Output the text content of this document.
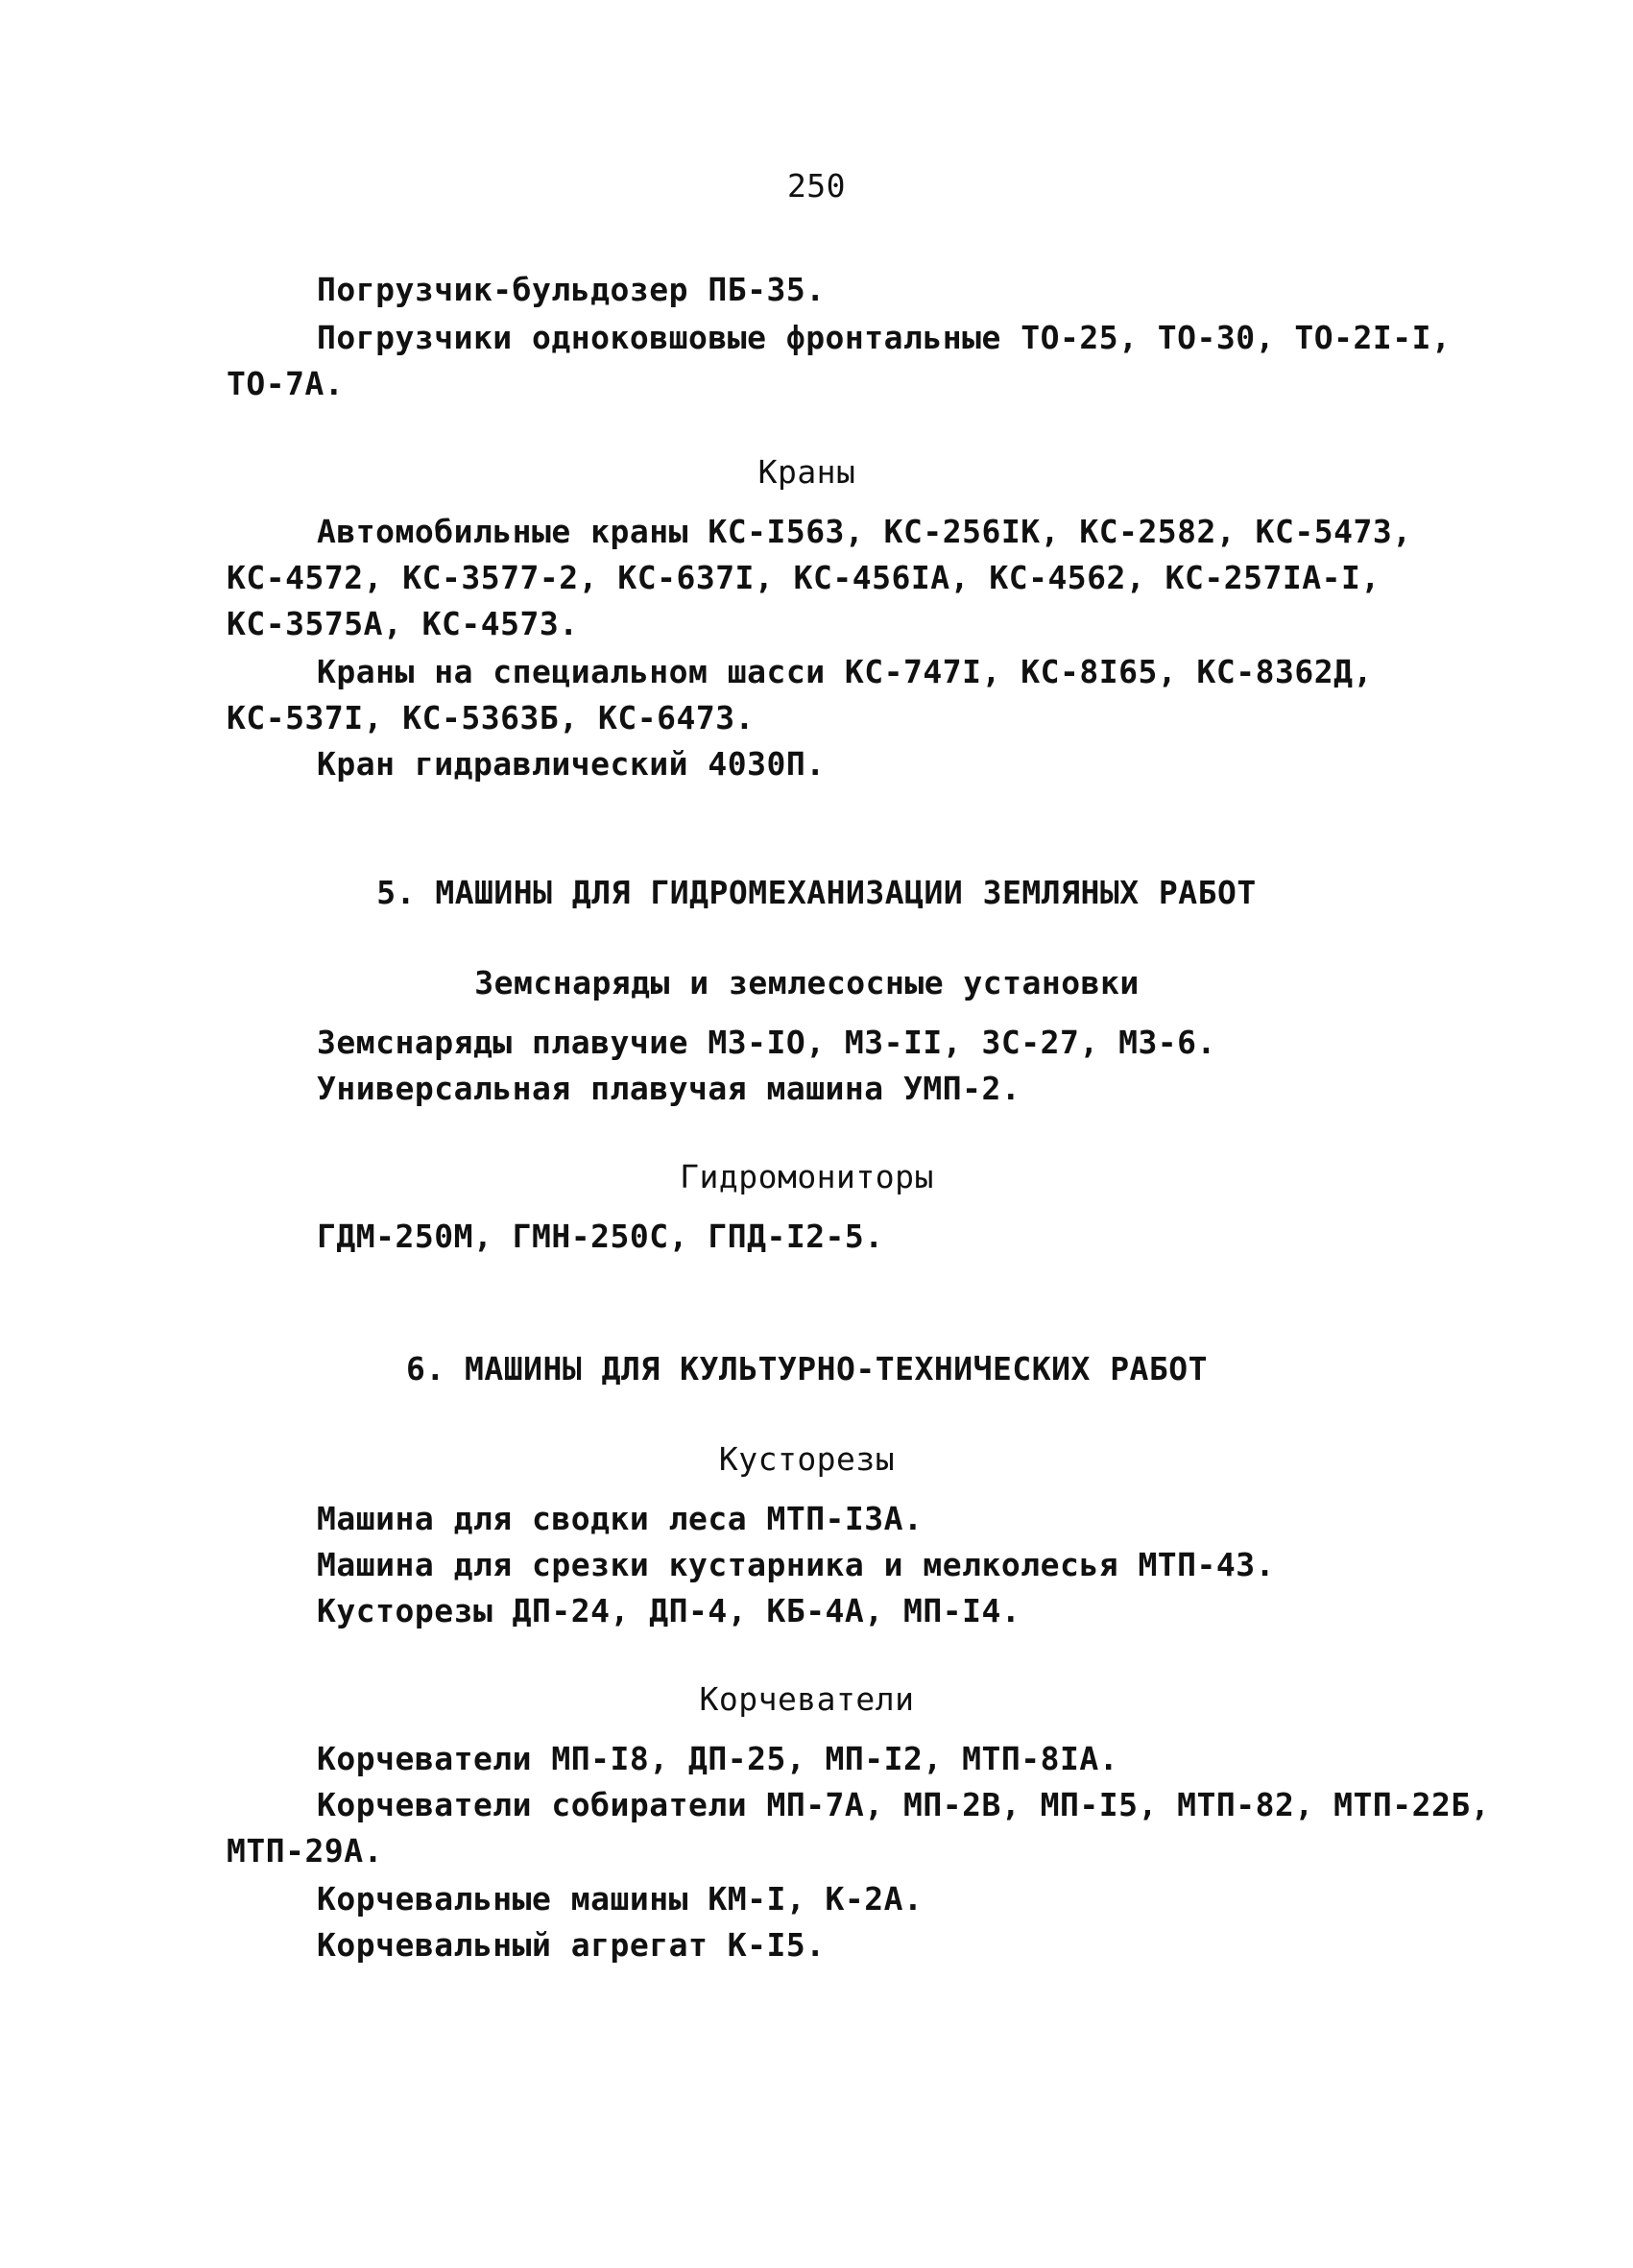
250
Погрузчик-бульдозер ПБ-35.
Погрузчики одноковшовые фронтальные ТО-25, ТО-30, ТО-2I-I,
ТО-7А.
Краны
Автомобильные краны КС-I563, КС-256IК, КС-2582, КС-5473,
КС-4572, КС-3577-2, КС-637I, КС-456IА, КС-4562, КС-257IА-I,
КС-3575А, КС-4573.
Краны на специальном шасси КС-747I, КС-8I65, КС-8362Д,
КС-537I, КС-5363Б, КС-6473.
Кран гидравлический 4030П.
5. МАШИНЫ ДЛЯ ГИДРОМЕХАНИЗАЦИИ ЗЕМЛЯНЫХ РАБОТ
Земснаряды и землесосные установки
Земснаряды плавучие МЗ-IО, МЗ-II, ЗС-27, МЗ-6.
Универсальная плавучая машина УМП-2.
Гидромониторы
ГДМ-250М, ГМН-250С, ГПД-I2-5.
6. МАШИНЫ ДЛЯ КУЛЬТУРНО-ТЕХНИЧЕСКИХ РАБОТ
Кусторезы
Машина для сводки леса МТП-I3А.
Машина для срезки кустарника и мелколесья МТП-43.
Кусторезы ДП-24, ДП-4, КБ-4А, МП-I4.
Корчеватели
Корчеватели МП-I8, ДП-25, МП-I2, МТП-8IА.
Корчеватели собиратели МП-7А, МП-2В, МП-I5, МТП-82, МТП-22Б,
МТП-29А.
Корчевальные машины КМ-I, К-2А.
Корчевальный агрегат К-I5.
